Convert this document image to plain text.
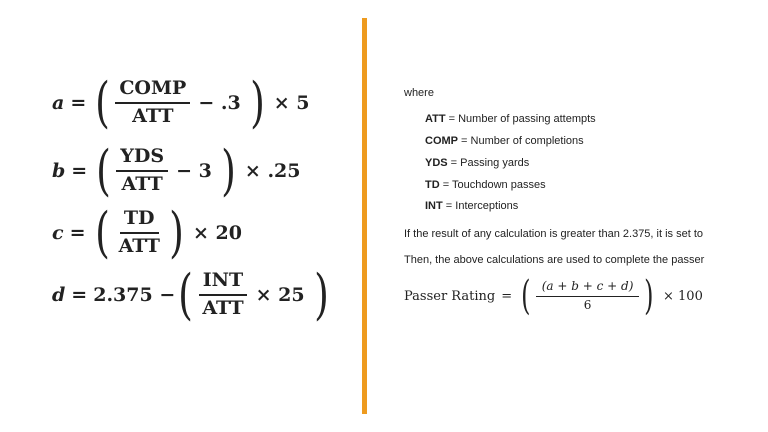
a = ( $\frac{\text{COMP}}{\text{ATT}} - .3$ ) × 5
b = ( $\frac{\text{YDS}}{\text{ATT}} - 3$ ) × .25
c = ( $\frac{TD}{\text{ATT}}$ ) × 20
d = 2.375 − ( $\frac{\text{INT}}{\text{ATT}} \times 25$ )
where
ATT = Number of passing attempts
COMP = Number of completions
YDS = Passing yards
TD = Touchdown passes
INT = Interceptions
If the result of any calculation is greater than 2.375, it is set to
Then, the above calculations are used to complete the passer
Passer Rating = ( $\frac{(a + b + c + d)}{6}$ ) × 100
